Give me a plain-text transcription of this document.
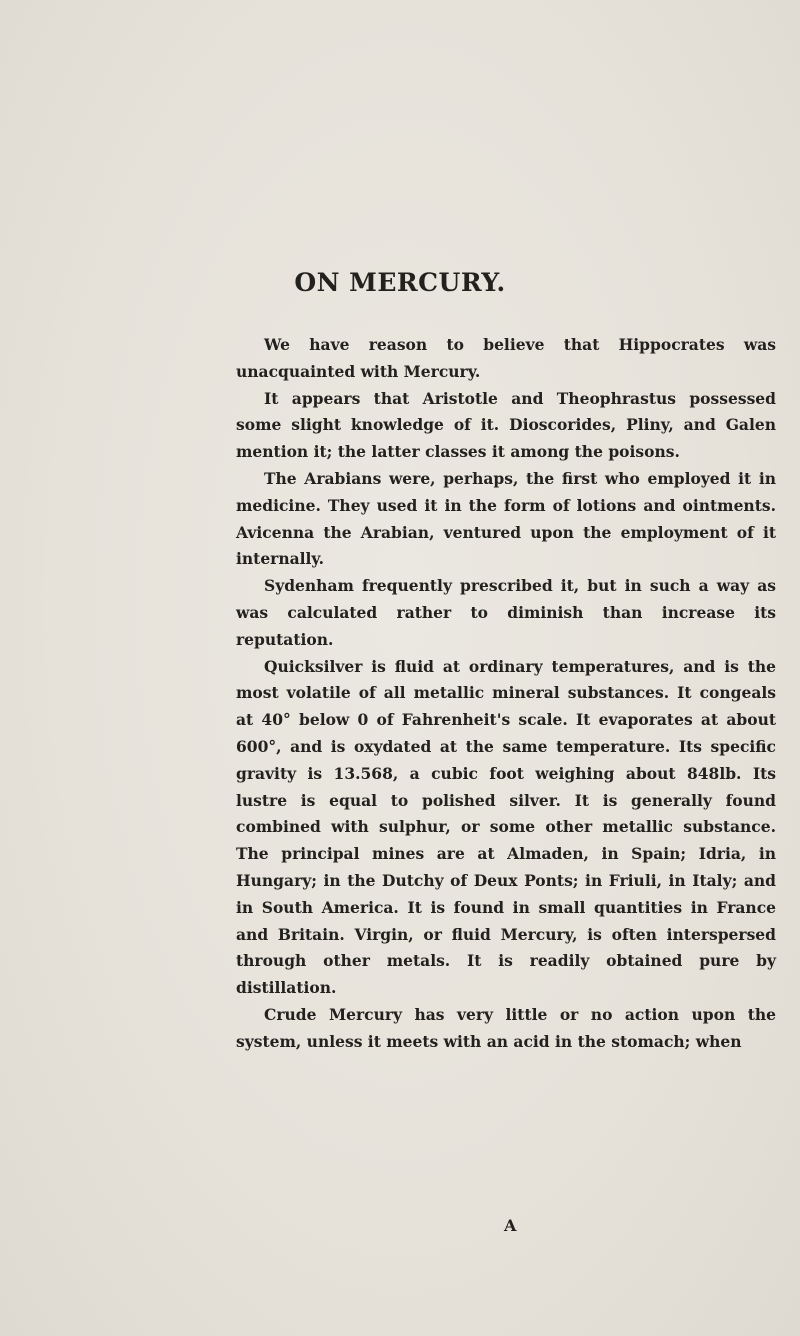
ON MERCURY.

We have reason to believe that Hippocrates was unacquainted with Mercury.

It appears that Aristotle and Theophrastus possessed some slight knowledge of it. Dioscorides, Pliny, and Galen mention it; the latter classes it among the poisons.

The Arabians were, perhaps, the first who employed it in medicine. They used it in the form of lotions and ointments. Avicenna the Arabian, ventured upon the employment of it internally.

Sydenham frequently prescribed it, but in such a way as was calculated rather to diminish than increase its reputation.

Quicksilver is fluid at ordinary temperatures, and is the most volatile of all metallic mineral substances. It congeals at 40° below 0 of Fahrenheit's scale. It evaporates at about 600°, and is oxydated at the same temperature. Its specific gravity is 13.568, a cubic foot weighing about 848lb. Its lustre is equal to polished silver. It is generally found combined with sulphur, or some other metallic substance. The principal mines are at Almaden, in Spain; Idria, in Hungary; in the Dutchy of Deux Ponts; in Friuli, in Italy; and in South America. It is found in small quantities in France and Britain. Virgin, or fluid Mercury, is often interspersed through other metals. It is readily obtained pure by distillation.

Crude Mercury has very little or no action upon the system, unless it meets with an acid in the stomach; when

A
